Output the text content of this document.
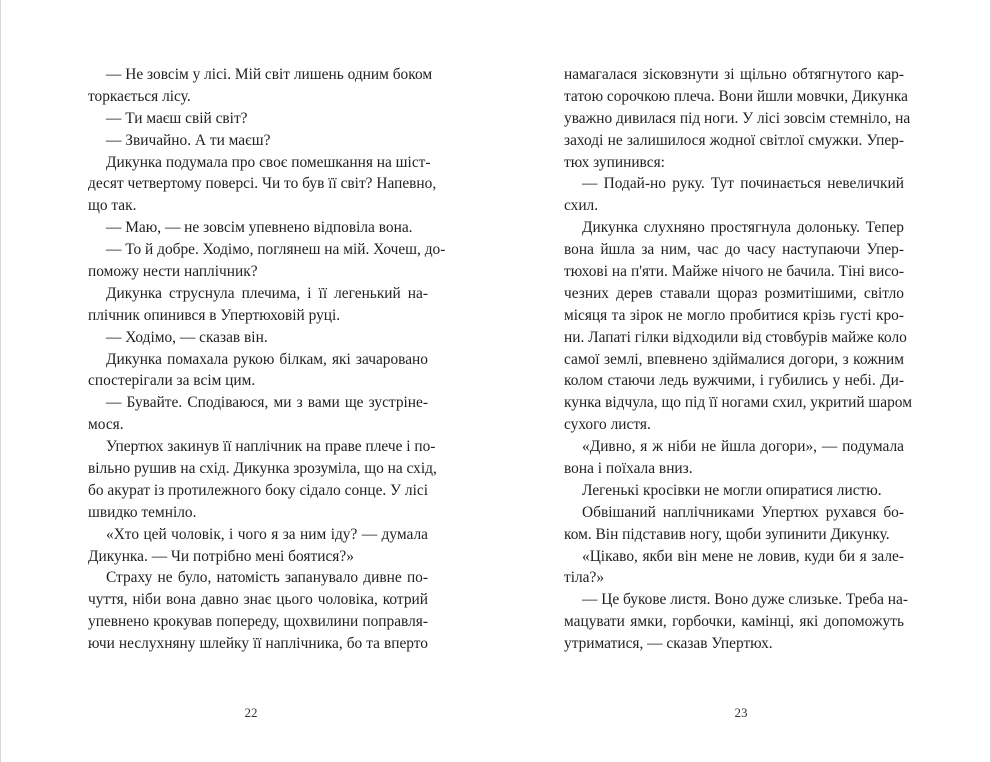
— Не зовсім у лісі. Мій світ лишень одним боком
торкається лісу.
— Ти маєш свій світ?
— Звичайно. А ти маєш?
Дикунка подумала про своє помешкання на шіст-
десят четвертому поверсі. Чи то був її світ? Напевно,
що так.
— Маю, — не зовсім упевнено відповіла вона.
— То й добре. Ходімо, поглянеш на мій. Хочеш, до-
поможу нести наплічник?
Дикунка струснула плечима, і її легенький на-
плічник опинився в Упертюховій руці.
— Ходімо, — сказав він.
Дикунка помахала рукою білкам, які зачаровано
спостерігали за всім цим.
— Бувайте. Сподіваюся, ми з вами ще зустріне-
мося.
Упертюх закинув її наплічник на праве плече і по-
вільно рушив на схід. Дикунка зрозуміла, що на схід,
бо акурат із протилежного боку сідало сонце. У лісі
швидко темніло.
«Хто цей чоловік, і чого я за ним іду? — думала
Дикунка. — Чи потрібно мені боятися?»
Страху не було, натомість запанувало дивне по-
чуття, ніби вона давно знає цього чоловіка, котрий
упевнено крокував попереду, щохвилини поправля-
ючи неслухняну шлейку її наплічника, бо та вперто
намагалася зісковзнути зі щільно обтягнутого кар-
татою сорочкою плеча. Вони йшли мовчки, Дикунка
уважно дивилася під ноги. У лісі зовсім стемніло, на
заході не залишилося жодної світлої смужки. Упер-
тюх зупинився:
— Подай-но руку. Тут починається невеличкий
схил.
Дикунка слухняно простягнула долоньку. Тепер
вона йшла за ним, час до часу наступаючи Упер-
тюхові на п'яти. Майже нічого не бачила. Тіні висо-
чезних дерев ставали щораз розмитішими, світло
місяця та зірок не могло пробитися крізь густі кро-
ни. Лапаті гілки відходили від стовбурів майже коло
самої землі, впевнено здіймалися догори, з кожним
колом стаючи ледь вужчими, і губились у небі. Ди-
кунка відчула, що під її ногами схил, укритий шаром
сухого листя.
«Дивно, я ж ніби не йшла догори», — подумала
вона і поїхала вниз.
Легенькі кросівки не могли опиратися листю.
Обвішаний наплічниками Упертюх рухався бо-
ком. Він підставив ногу, щоби зупинити Дикунку.
«Цікаво, якби він мене не ловив, куди би я зале-
тіла?»
— Це букове листя. Воно дуже слизьке. Треба на-
мацувати ямки, горбочки, камінці, які допоможуть
утриматися, — сказав Упертюх.
22	23
